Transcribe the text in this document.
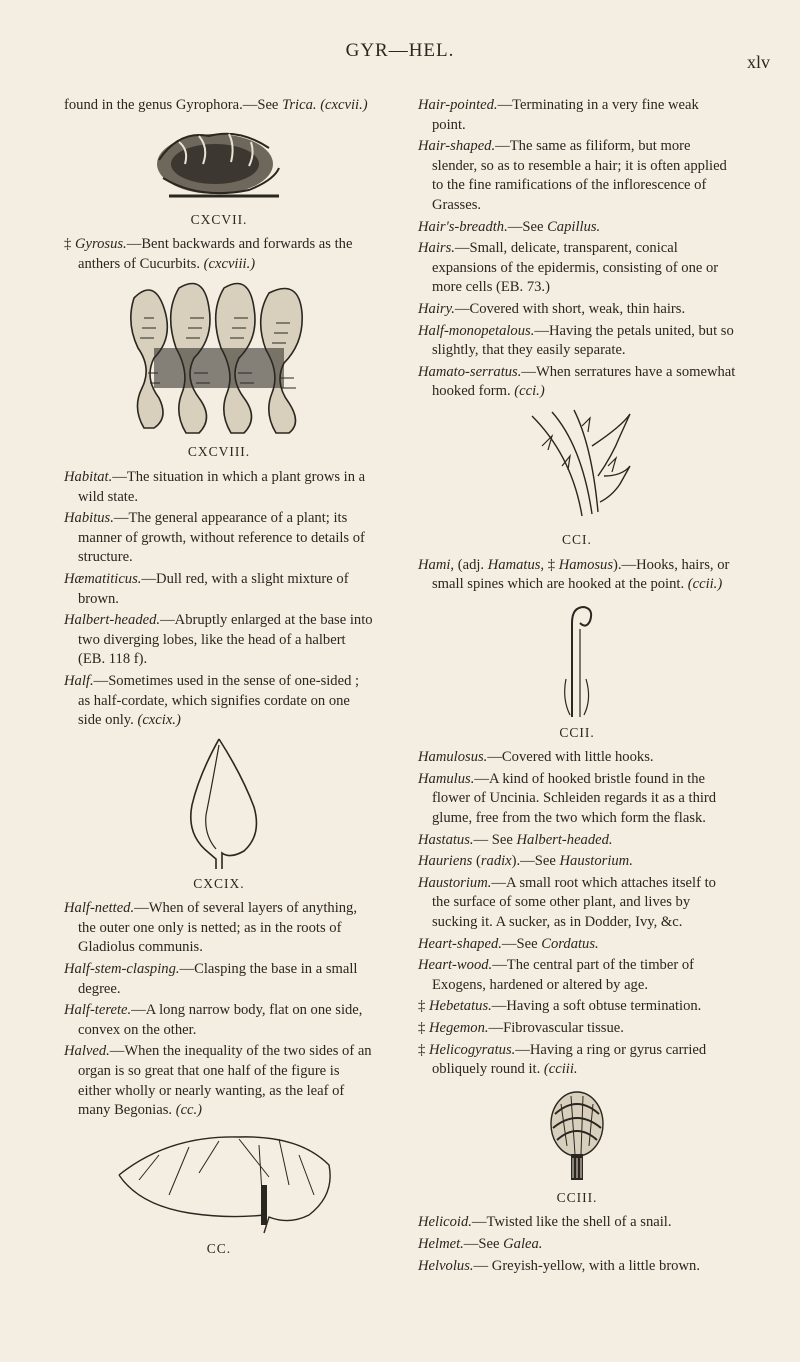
GYR—HEL.
xlv

found in the genus Gyrophora.—See Trica. (cxcvii.)

CXCVII.

‡ Gyrosus.—Bent backwards and forwards as the anthers of Cucurbits. (cxcviii.)

CXCVIII.

Habitat.—The situation in which a plant grows in a wild state.

Habitus.—The general appearance of a plant; its manner of growth, without reference to details of structure.

Hæmatiticus.—Dull red, with a slight mixture of brown.

Halbert-headed.—Abruptly enlarged at the base into two diverging lobes, like the head of a halbert (EB. 118 f).

Half.—Sometimes used in the sense of one-sided ; as half-cordate, which signifies cordate on one side only. (cxcix.)

CXCIX.

Half-netted.—When of several layers of anything, the outer one only is netted; as in the roots of Gladiolus communis.

Half-stem-clasping.—Clasping the base in a small degree.

Half-terete.—A long narrow body, flat on one side, convex on the other.

Halved.—When the inequality of the two sides of an organ is so great that one half of the figure is either wholly or nearly wanting, as the leaf of many Begonias. (cc.)

CC.

Hair-pointed.—Terminating in a very fine weak point.

Hair-shaped.—The same as filiform, but more slender, so as to resemble a hair; it is often applied to the fine ramifications of the inflorescence of Grasses.

Hair's-breadth.—See Capillus.

Hairs.—Small, delicate, transparent, conical expansions of the epidermis, consisting of one or more cells (EB. 73.)

Hairy.—Covered with short, weak, thin hairs.

Half-monopetalous.—Having the petals united, but so slightly, that they easily separate.

Hamato-serratus.—When serratures have a somewhat hooked form. (cci.)

CCI.

Hami, (adj. Hamatus, ‡ Hamosus).—Hooks, hairs, or small spines which are hooked at the point. (ccii.)

CCII.

Hamulosus.—Covered with little hooks.

Hamulus.—A kind of hooked bristle found in the flower of Uncinia. Schleiden regards it as a third glume, free from the two which form the flask.

Hastatus.— See Halbert-headed.

Hauriens (radix).—See Haustorium.

Haustorium.—A small root which attaches itself to the surface of some other plant, and lives by sucking it. A sucker, as in Dodder, Ivy, &c.

Heart-shaped.—See Cordatus.

Heart-wood.—The central part of the timber of Exogens, hardened or altered by age.

‡ Hebetatus.—Having a soft obtuse termination.

‡ Hegemon.—Fibrovascular tissue.

‡ Helicogyratus.—Having a ring or gyrus carried obliquely round it. (cciii.

CCIII.

Helicoid.—Twisted like the shell of a snail.

Helmet.—See Galea.

Helvolus.— Greyish-yellow, with a little brown.
